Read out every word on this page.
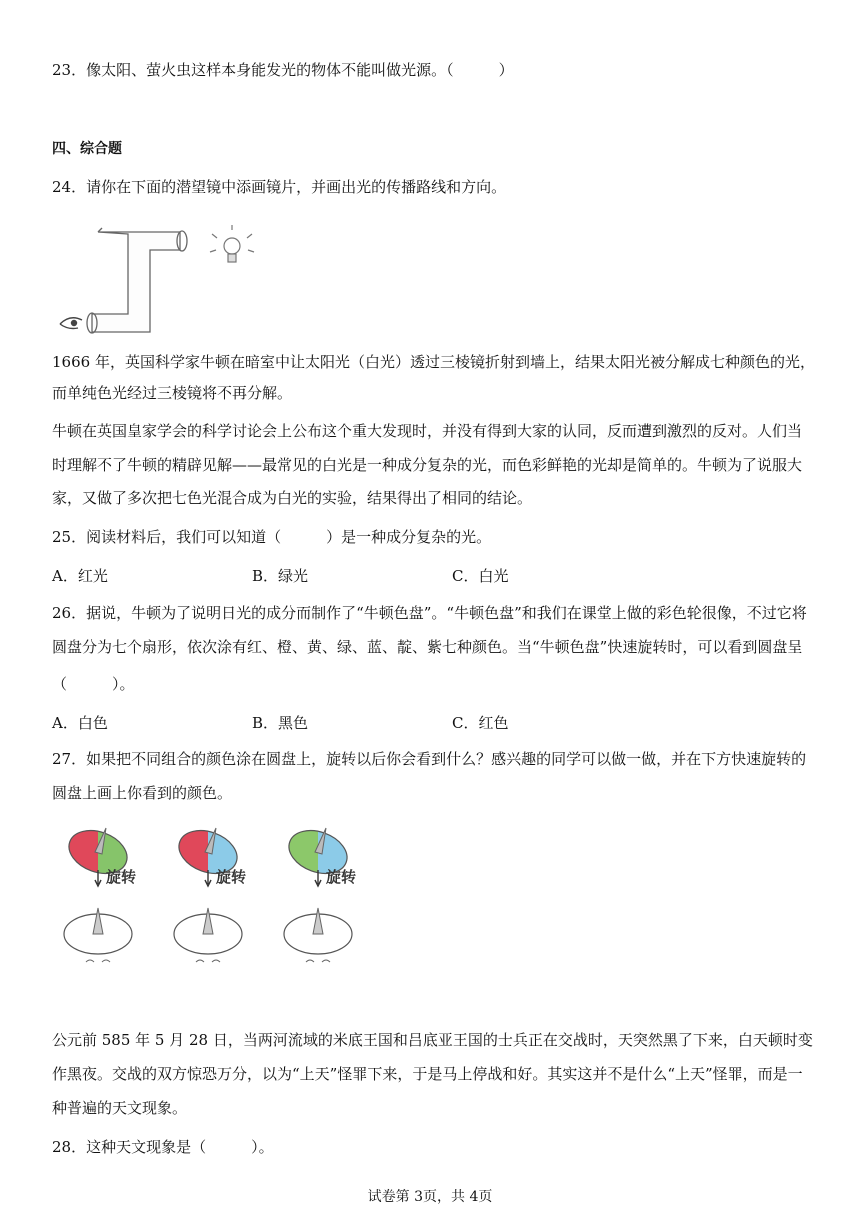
23．像太阳、萤火虫这样本身能发光的物体不能叫做光源。（　　　）
四、综合题
24．请你在下面的潜望镜中添画镜片，并画出光的传播路线和方向。
1666 年，英国科学家牛顿在暗室中让太阳光（白光）透过三棱镜折射到墙上，结果太阳光被分解成七种颜色的光，
而单纯色光经过三棱镜将不再分解。
牛顿在英国皇家学会的科学讨论会上公布这个重大发现时，并没有得到大家的认同，反而遭到激烈的反对。人们当
时理解不了牛顿的精辟见解——最常见的白光是一种成分复杂的光，而色彩鲜艳的光却是简单的。牛顿为了说服大
家，又做了多次把七色光混合成为白光的实验，结果得出了相同的结论。
25．阅读材料后，我们可以知道（　　　）是一种成分复杂的光。
A．红光	B．绿光	C．白光
26．据说，牛顿为了说明日光的成分而制作了“牛顿色盘”。“牛顿色盘”和我们在课堂上做的彩色轮很像，不过它将
圆盘分为七个扇形，依次涂有红、橙、黄、绿、蓝、靛、紫七种颜色。当“牛顿色盘”快速旋转时，可以看到圆盘呈
（　　　）。
A．白色	B．黑色	C．红色
27．如果把不同组合的颜色涂在圆盘上，旋转以后你会看到什么？感兴趣的同学可以做一做，并在下方快速旋转的
圆盘上画上你看到的颜色。
旋转	旋转	旋转
公元前 585 年 5 月 28 日，当两河流域的米底王国和吕底亚王国的士兵正在交战时，天突然黑了下来，白天顿时变
作黑夜。交战的双方惊恐万分，以为“上天”怪罪下来，于是马上停战和好。其实这并不是什么“上天”怪罪，而是一
种普遍的天文现象。
28．这种天文现象是（　　　）。
试卷第 3页，共 4页
